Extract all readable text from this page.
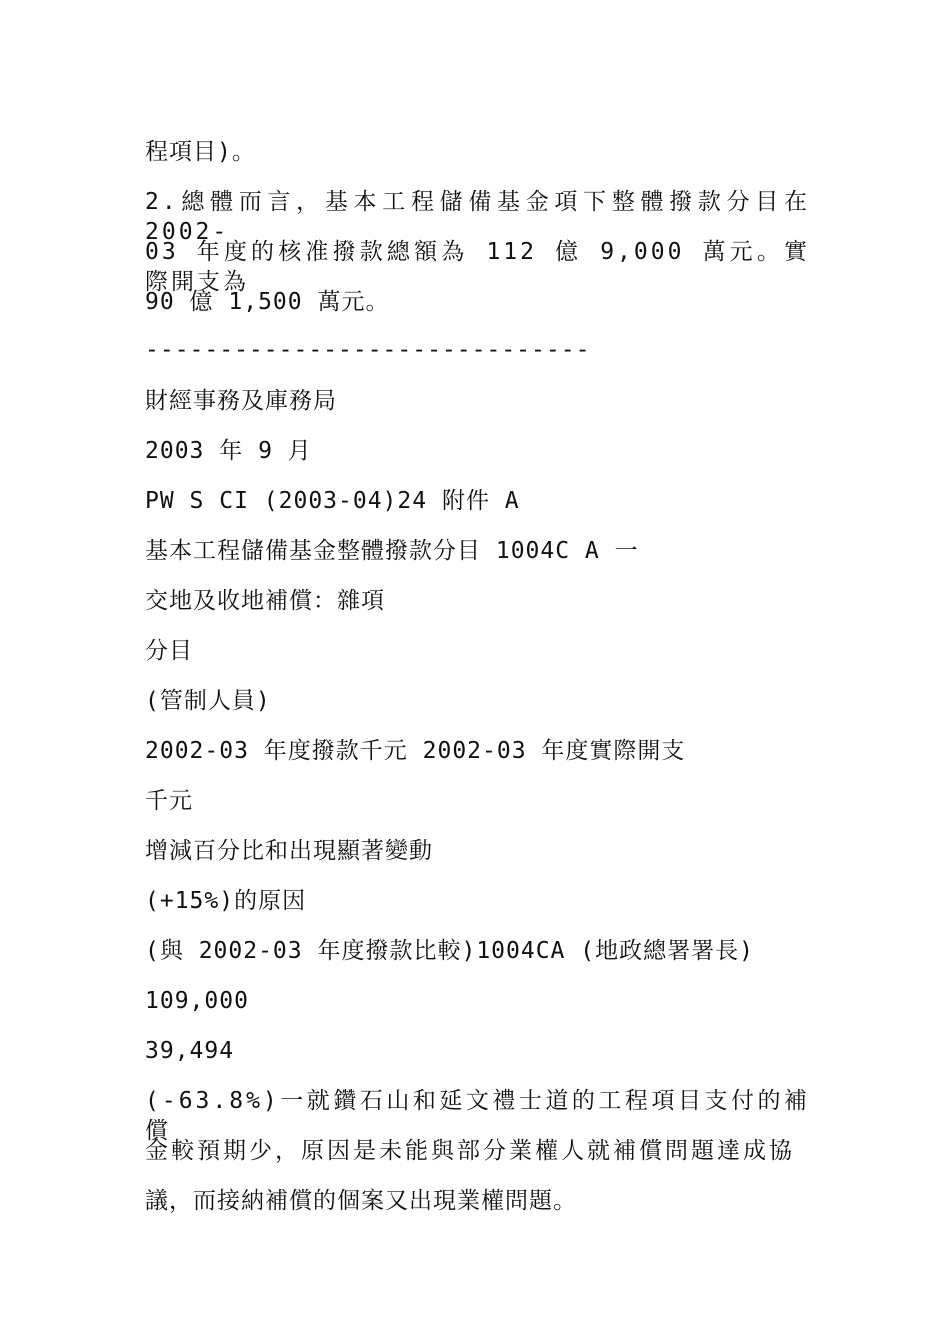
程項目)。
2.總體而言，基本工程儲備基金項下整體撥款分目在 2002-
03 年度的核准撥款總額為 112 億 9,000 萬元。實際開支為
90 億 1,500 萬元。
------------------------------
財經事務及庫務局
2003 年 9 月
PW S CI (2003-04)24 附件 A
基本工程儲備基金整體撥款分目 1004C A 一
交地及收地補償：雜項
分目
(管制人員)
2002-03 年度撥款千元 2002-03 年度實際開支
千元
增減百分比和出現顯著變動
(+15%)的原因
(與 2002-03 年度撥款比較)1004CA (地政總署署長)
109,000
39,494
(-63.8%)一就鑽石山和延文禮士道的工程項目支付的補償
金較預期少，原因是未能與部分業權人就補償問題達成協
議，而接納補償的個案又出現業權問題。
